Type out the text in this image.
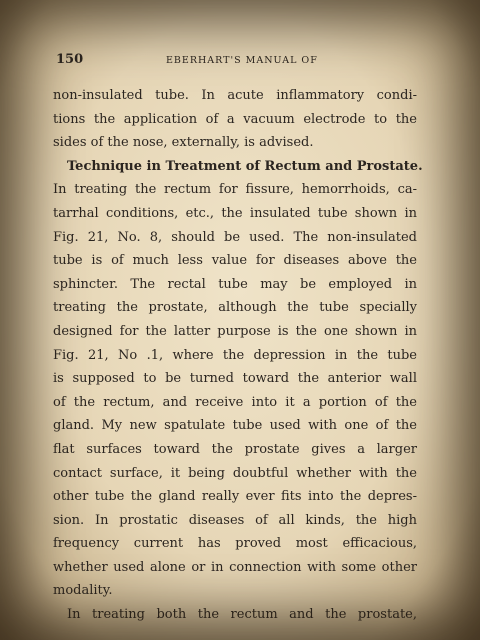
150	EBERHART'S MANUAL OF
non-insulated tube. In acute inflammatory condi-
tions the application of a vacuum electrode to the
sides of the nose, externally, is advised.
Technique in Treatment of Rectum and Prostate.
In treating the rectum for fissure, hemorrhoids, ca-
tarrhal conditions, etc., the insulated tube shown in
Fig. 21, No. 8, should be used. The non-insulated
tube is of much less value for diseases above the
sphincter. The rectal tube may be employed in
treating the prostate, although the tube specially
designed for the latter purpose is the one shown in
Fig. 21, No .1, where the depression in the tube
is supposed to be turned toward the anterior wall
of the rectum, and receive into it a portion of the
gland. My new spatulate tube used with one of the
flat surfaces toward the prostate gives a larger
contact surface, it being doubtful whether with the
other tube the gland really ever fits into the depres-
sion. In prostatic diseases of all kinds, the high
frequency current has proved most efficacious,
whether used alone or in connection with some other
modality.
In treating both the rectum and the prostate,
